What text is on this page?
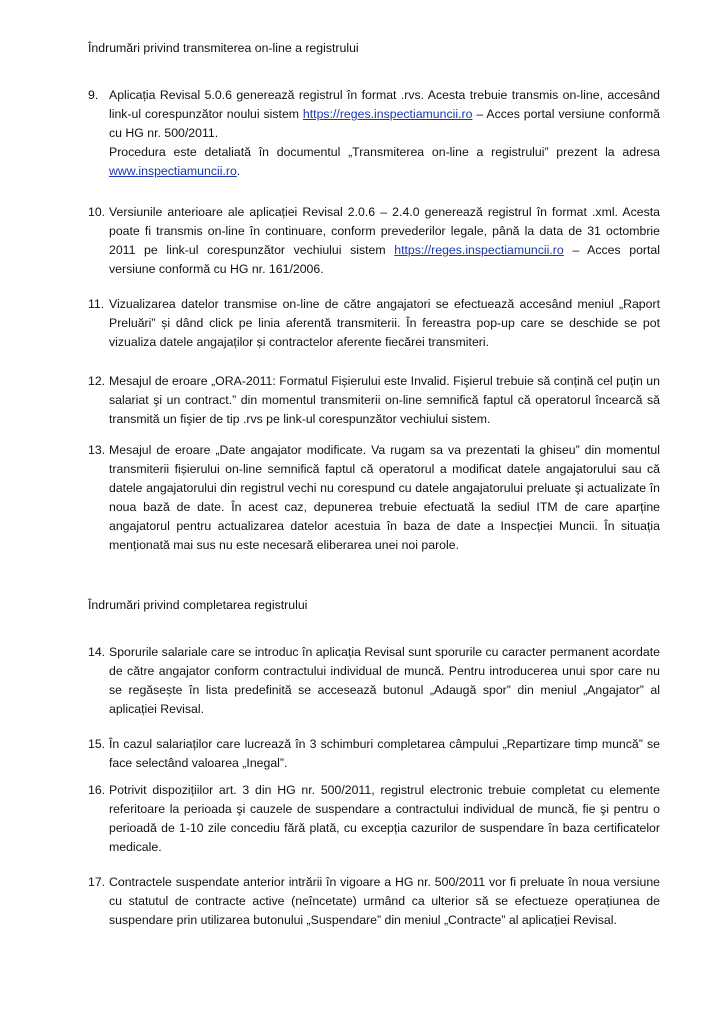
Îndrumări privind transmiterea on-line a registrului
9. Aplicația Revisal 5.0.6 generează registrul în format .rvs. Acesta trebuie transmis on-line, accesând link-ul corespunzător noului sistem https://reges.inspectiamuncii.ro – Acces portal versiune conformă cu HG nr. 500/2011.

Procedura este detaliată în documentul „Transmiterea on-line a registrului” prezent la adresa www.inspectiamuncii.ro.

10. Versiunile anterioare ale aplicației Revisal 2.0.6 – 2.4.0 generează registrul în format .xml. Acesta poate fi transmis on-line în continuare, conform prevederilor legale, până la data de 31 octombrie 2011 pe link-ul corespunzător vechiului sistem https://reges.inspectiamuncii.ro – Acces portal versiune conformă cu HG nr. 161/2006.
11. Vizualizarea datelor transmise on-line de către angajatori se efectuează accesând meniul „Raport Preluări” și dând click pe linia aferentă transmiterii. În fereastra pop-up care se deschide se pot vizualiza datele angajaților și contractelor aferente fiecărei transmiteri.
12. Mesajul de eroare „ORA-2011: Formatul Fișierului este Invalid. Fişierul trebuie să conțină cel puțin un salariat şi un contract.” din momentul transmiterii on-line semnifică faptul că operatorul încearcă să transmită un fişier de tip .rvs pe link-ul corespunzător vechiului sistem.
13. Mesajul de eroare „Date angajator modificate. Va rugam sa va prezentati la ghiseu” din momentul transmiterii fișierului on-line semnifică faptul că operatorul a modificat datele angajatorului sau că datele angajatorului din registrul vechi nu corespund cu datele angajatorului preluate şi actualizate în noua bază de date. În acest caz, depunerea trebuie efectuată la sediul ITM de care aparține angajatorul pentru actualizarea datelor acestuia în baza de date a Inspecției Muncii. În situația menționată mai sus nu este necesară eliberarea unei noi parole.
Îndrumări privind completarea registrului
14. Sporurile salariale care se introduc în aplicația Revisal sunt sporurile cu caracter permanent acordate de către angajator conform contractului individual de muncă. Pentru introducerea unui spor care nu se regăsește în lista predefinită se accesează butonul „Adaugă spor” din meniul „Angajator” al aplicației Revisal.
15. În cazul salariaților care lucrează în 3 schimburi completarea câmpului „Repartizare timp muncă” se face selectând valoarea „Inegal”.
16. Potrivit dispozițiilor art. 3 din HG nr. 500/2011, registrul electronic trebuie completat cu elemente referitoare la perioada şi cauzele de suspendare a contractului individual de muncă, fie şi pentru o perioadă de 1-10 zile concediu fără plată, cu excepția cazurilor de suspendare în baza certificatelor medicale.
17. Contractele suspendate anterior intrării în vigoare a HG nr. 500/2011 vor fi preluate în noua versiune cu statutul de contracte active (neîncetate) urmând ca ulterior să se efectueze operațiunea de suspendare prin utilizarea butonului „Suspendare” din meniul „Contracte” al aplicației Revisal.
